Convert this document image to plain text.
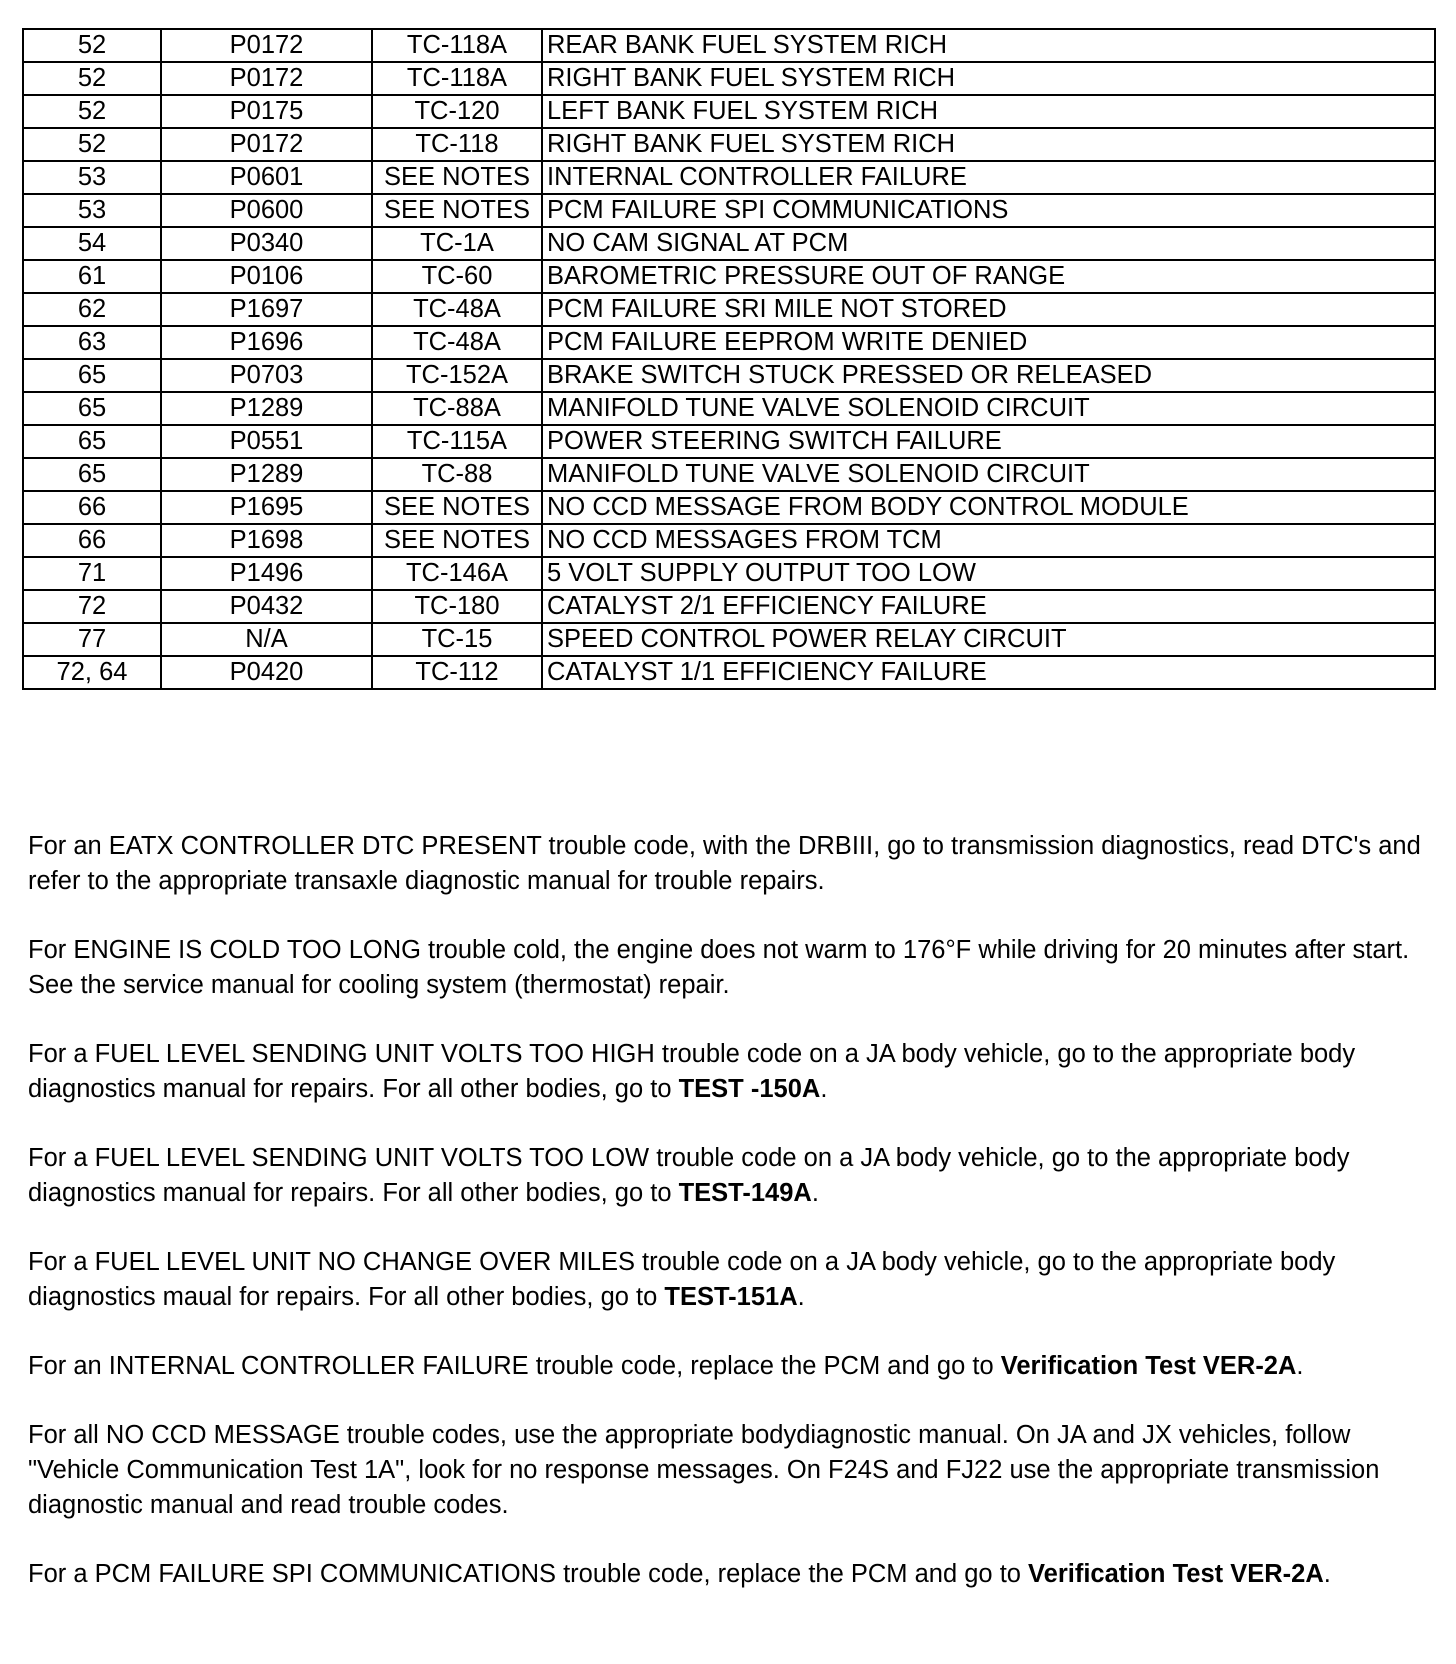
52	P0172	TC-118A	REAR BANK FUEL SYSTEM RICH
52	P0172	TC-118A	RIGHT BANK FUEL SYSTEM RICH
52	P0175	TC-120	LEFT BANK FUEL SYSTEM RICH
52	P0172	TC-118	RIGHT BANK FUEL SYSTEM RICH
53	P0601	SEE NOTES	INTERNAL CONTROLLER FAILURE
53	P0600	SEE NOTES	PCM FAILURE SPI COMMUNICATIONS
54	P0340	TC-1A	NO CAM SIGNAL AT PCM
61	P0106	TC-60	BAROMETRIC PRESSURE OUT OF RANGE
62	P1697	TC-48A	PCM FAILURE SRI MILE NOT STORED
63	P1696	TC-48A	PCM FAILURE EEPROM WRITE DENIED
65	P0703	TC-152A	BRAKE SWITCH STUCK PRESSED OR RELEASED
65	P1289	TC-88A	MANIFOLD TUNE VALVE SOLENOID CIRCUIT
65	P0551	TC-115A	POWER STEERING SWITCH FAILURE
65	P1289	TC-88	MANIFOLD TUNE VALVE SOLENOID CIRCUIT
66	P1695	SEE NOTES	NO CCD MESSAGE FROM BODY CONTROL MODULE
66	P1698	SEE NOTES	NO CCD MESSAGES FROM TCM
71	P1496	TC-146A	5 VOLT SUPPLY OUTPUT TOO LOW
72	P0432	TC-180	CATALYST 2/1 EFFICIENCY FAILURE
77	N/A	TC-15	SPEED CONTROL POWER RELAY CIRCUIT
72, 64	P0420	TC-112	CATALYST 1/1 EFFICIENCY FAILURE

For an EATX CONTROLLER DTC PRESENT trouble code, with the DRBIII, go to transmission diagnostics, read DTC's and refer to the appropriate transaxle diagnostic manual for trouble repairs.

For ENGINE IS COLD TOO LONG trouble cold, the engine does not warm to 176°F while driving for 20 minutes after start. See the service manual for cooling system (thermostat) repair.

For a FUEL LEVEL SENDING UNIT VOLTS TOO HIGH trouble code on a JA body vehicle, go to the appropriate body diagnostics manual for repairs. For all other bodies, go to TEST -150A.

For a FUEL LEVEL SENDING UNIT VOLTS TOO LOW trouble code on a JA body vehicle, go to the appropriate body diagnostics manual for repairs. For all other bodies, go to TEST-149A.

For a FUEL LEVEL UNIT NO CHANGE OVER MILES trouble code on a JA body vehicle, go to the appropriate body diagnostics maual for repairs. For all other bodies, go to TEST-151A.

For an INTERNAL CONTROLLER FAILURE trouble code, replace the PCM and go to Verification Test VER-2A.

For all NO CCD MESSAGE trouble codes, use the appropriate bodydiagnostic manual. On JA and JX vehicles, follow "Vehicle Communication Test 1A", look for no response messages. On F24S and FJ22 use the appropriate transmission diagnostic manual and read trouble codes.

For a PCM FAILURE SPI COMMUNICATIONS trouble code, replace the PCM and go to Verification Test VER-2A.
